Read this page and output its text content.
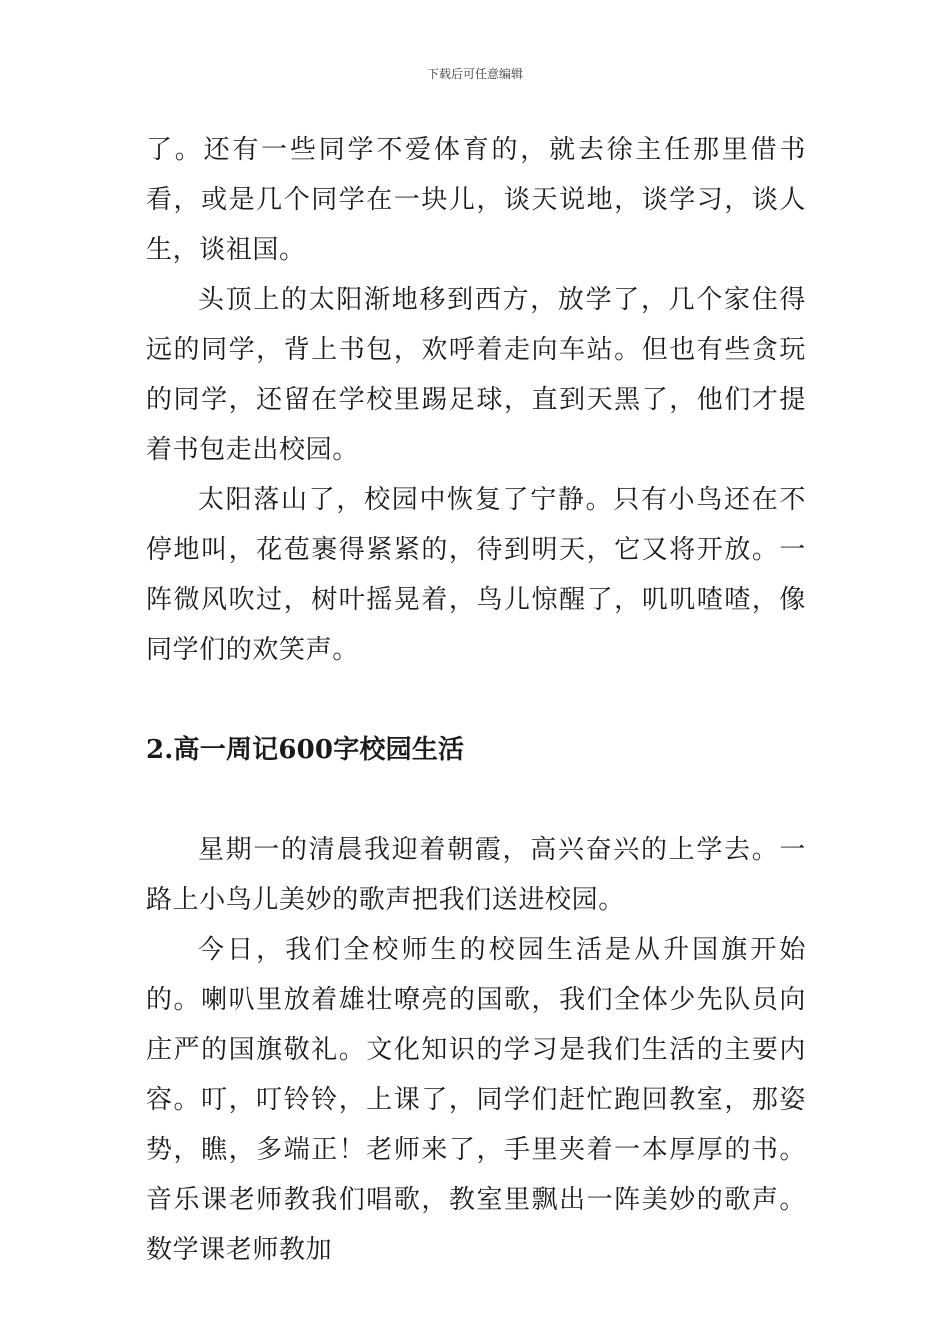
下载后可任意编辑

了。还有一些同学不爱体育的，就去徐主任那里借书看，或是几个同学在一块儿，谈天说地，谈学习，谈人生，谈祖国。

头顶上的太阳渐地移到西方，放学了，几个家住得远的同学，背上书包，欢呼着走向车站。但也有些贪玩的同学，还留在学校里踢足球，直到天黑了，他们才提着书包走出校园。

太阳落山了，校园中恢复了宁静。只有小鸟还在不停地叫，花苞裹得紧紧的，待到明天，它又将开放。一阵微风吹过，树叶摇晃着，鸟儿惊醒了，叽叽喳喳，像同学们的欢笑声。

2.高一周记600字校园生活

星期一的清晨我迎着朝霞，高兴奋兴的上学去。一路上小鸟儿美妙的歌声把我们送进校园。

今日，我们全校师生的校园生活是从升国旗开始的。喇叭里放着雄壮嘹亮的国歌，我们全体少先队员向庄严的国旗敬礼。文化知识的学习是我们生活的主要内容。叮，叮铃铃，上课了，同学们赶忙跑回教室，那姿势，瞧，多端正！老师来了，手里夹着一本厚厚的书。音乐课老师教我们唱歌，教室里飘出一阵美妙的歌声。数学课老师教加
